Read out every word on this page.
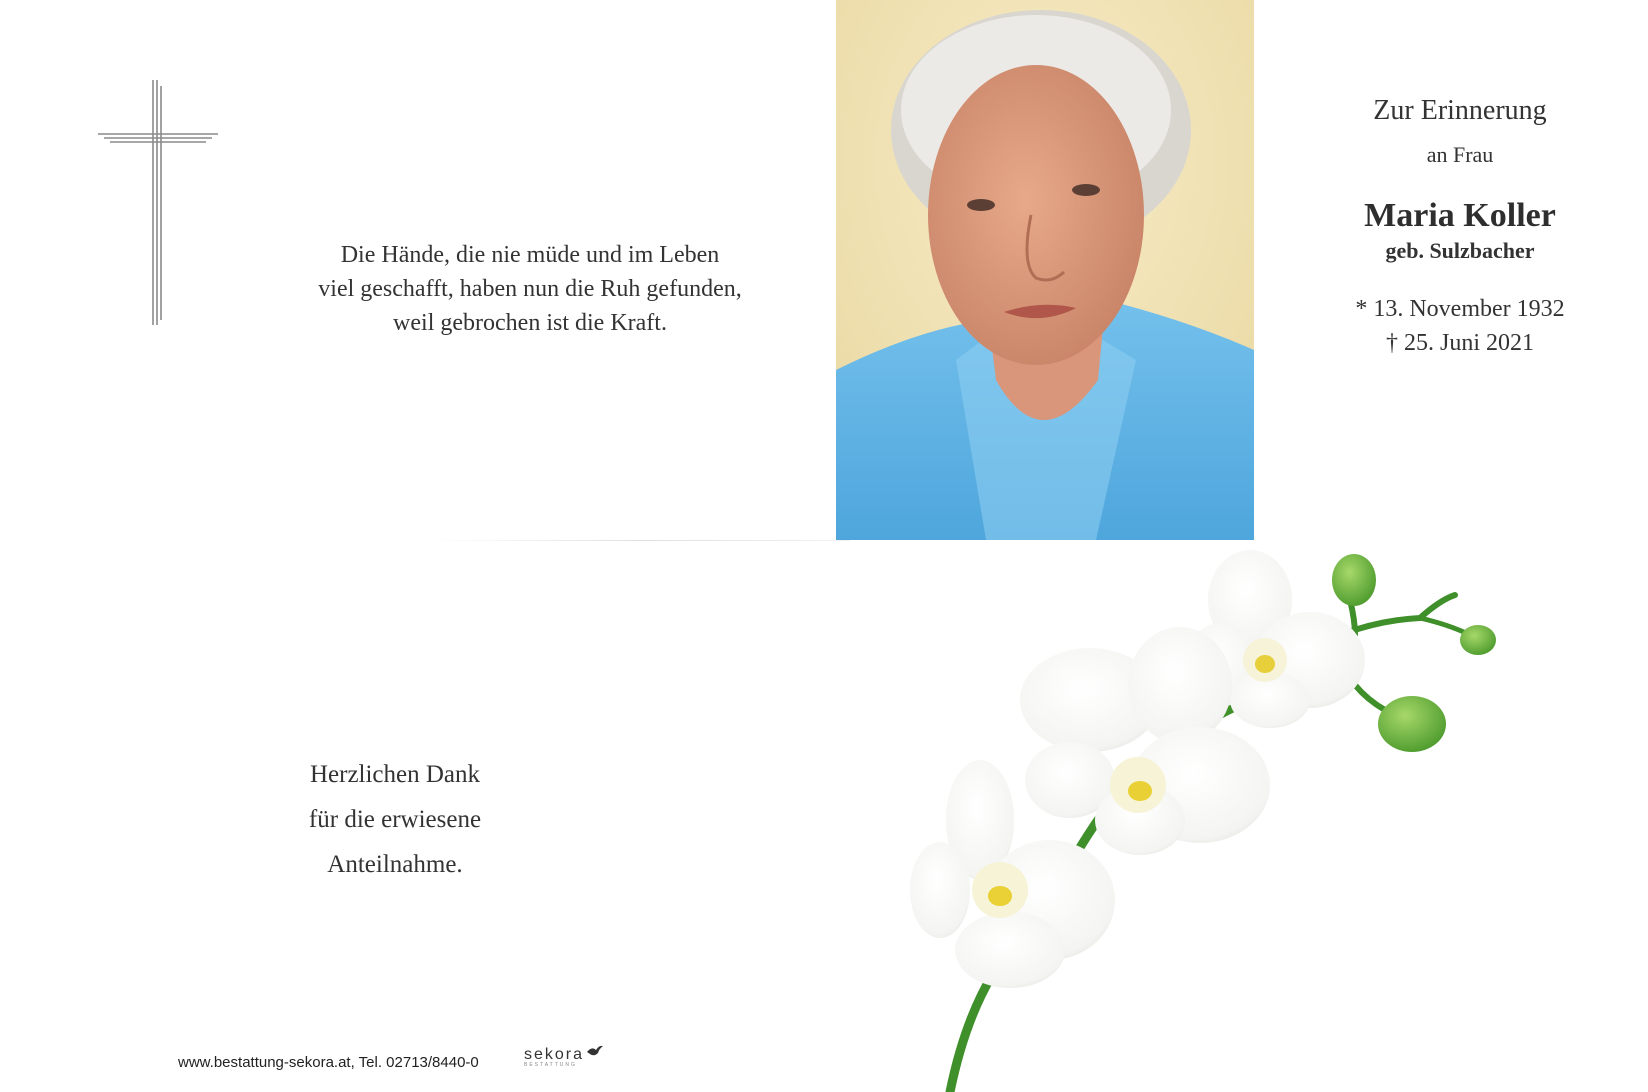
Die Hände, die nie müde und im Leben
viel geschafft, haben nun die Ruh gefunden,
weil gebrochen ist die Kraft.
Zur Erinnerung
an Frau
Maria Koller
geb. Sulzbacher
* 13. November 1932
† 25. Juni 2021
Herzlichen Dank
für die erwiesene
Anteilnahme.
www.bestattung-sekora.at, Tel. 02713/8440-0	sekora
BESTATTUNG
